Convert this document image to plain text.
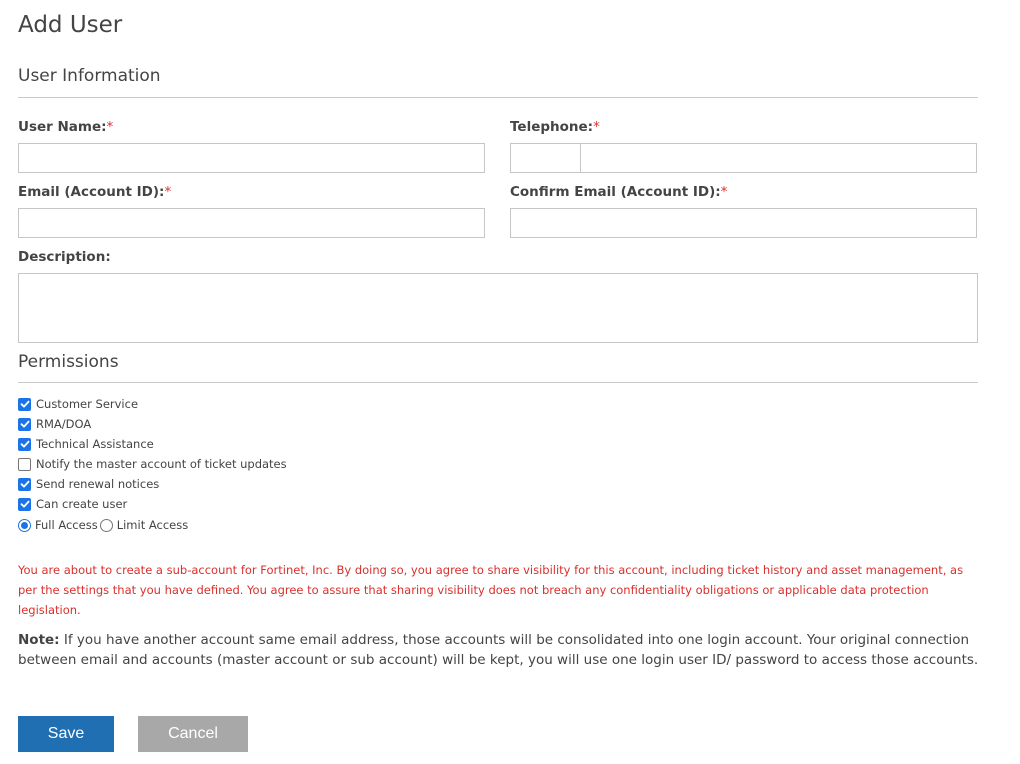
Add User
User Information
User Name:*	Telephone:*
Email (Account ID):*	Confirm Email (Account ID):*
Description:
Permissions
Customer Service
RMA/DOA
Technical Assistance
Notify the master account of ticket updates
Send renewal notices
Can create user
Full Access Limit Access
You are about to create a sub-account for Fortinet, Inc. By doing so, you agree to share visibility for this account, including ticket history and asset management, as per the settings that you have defined. You agree to assure that sharing visibility does not breach any confidentiality obligations or applicable data protection legislation.
Note: If you have another account same email address, those accounts will be consolidated into one login account. Your original connection between email and accounts (master account or sub account) will be kept, you will use one login user ID/ password to access those accounts.
Save	Cancel
